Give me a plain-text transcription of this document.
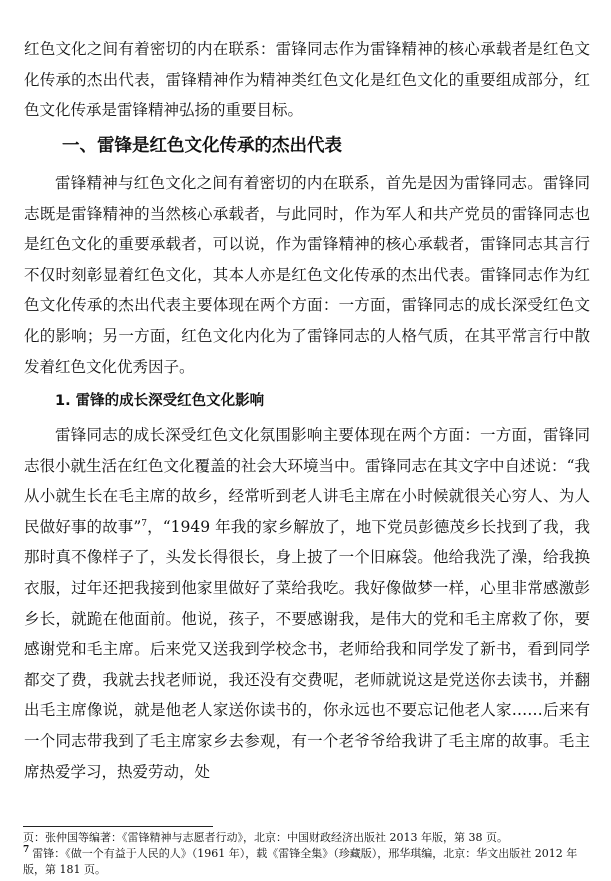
红色文化之间有着密切的内在联系：雷锋同志作为雷锋精神的核心承载者是红色文化传承的杰出代表，雷锋精神作为精神类红色文化是红色文化的重要组成部分，红色文化传承是雷锋精神弘扬的重要目标。

一、雷锋是红色文化传承的杰出代表

雷锋精神与红色文化之间有着密切的内在联系，首先是因为雷锋同志。雷锋同志既是雷锋精神的当然核心承载者，与此同时，作为军人和共产党员的雷锋同志也是红色文化的重要承载者，可以说，作为雷锋精神的核心承载者，雷锋同志其言行不仅时刻彰显着红色文化，其本人亦是红色文化传承的杰出代表。雷锋同志作为红色文化传承的杰出代表主要体现在两个方面：一方面，雷锋同志的成长深受红色文化的影响；另一方面，红色文化内化为了雷锋同志的人格气质，在其平常言行中散发着红色文化优秀因子。

1. 雷锋的成长深受红色文化影响

雷锋同志的成长深受红色文化氛围影响主要体现在两个方面：一方面，雷锋同志很小就生活在红色文化覆盖的社会大环境当中。雷锋同志在其文字中自述说：“我从小就生长在毛主席的故乡，经常听到老人讲毛主席在小时候就很关心穷人、为人民做好事的故事”$^7$，“1949 年我的家乡解放了，地下党员彭德茂乡长找到了我，我那时真不像样子了，头发长得很长，身上披了一个旧麻袋。他给我洗了澡，给我换衣服，过年还把我接到他家里做好了菜给我吃。我好像做梦一样，心里非常感激彭乡长，就跪在他面前。他说，孩子，不要感谢我，是伟大的党和毛主席救了你，要感谢党和毛主席。后来党又送我到学校念书，老师给我和同学发了新书，看到同学都交了费，我就去找老师说，我还没有交费呢，老师就说这是党送你去读书，并翻出毛主席像说，就是他老人家送你读书的，你永远也不要忘记他老人家……后来有一个同志带我到了毛主席家乡去参观，有一个老爷爷给我讲了毛主席的故事。毛主席热爱学习，热爱劳动，处

页：张仲国等编著：《雷锋精神与志愿者行动》，北京：中国财政经济出版社 2013 年版，第 38 页。

$^7$ 雷锋：《做一个有益于人民的人》（1961 年），载《雷锋全集》（珍藏版），邢华琪编，北京：华文出版社 2012 年版，第 181 页。
